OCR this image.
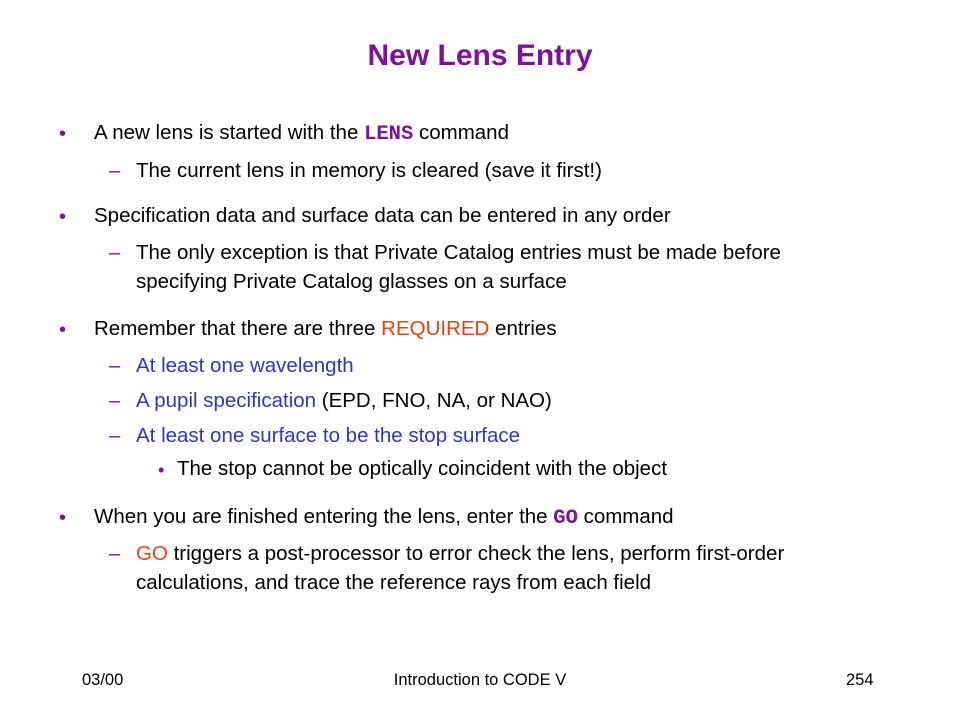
New Lens Entry
• A new lens is started with the LENS command
– The current lens in memory is cleared (save it first!)
• Specification data and surface data can be entered in any order
– The only exception is that Private Catalog entries must be made before
specifying Private Catalog glasses on a surface
• Remember that there are three REQUIRED entries
– At least one wavelength
– A pupil specification (EPD, FNO, NA, or NAO)
– At least one surface to be the stop surface
• The stop cannot be optically coincident with the object
• When you are finished entering the lens, enter the GO command
– GO triggers a post-processor to error check the lens, perform first-order
calculations, and trace the reference rays from each field
03/00	Introduction to CODE V	254
